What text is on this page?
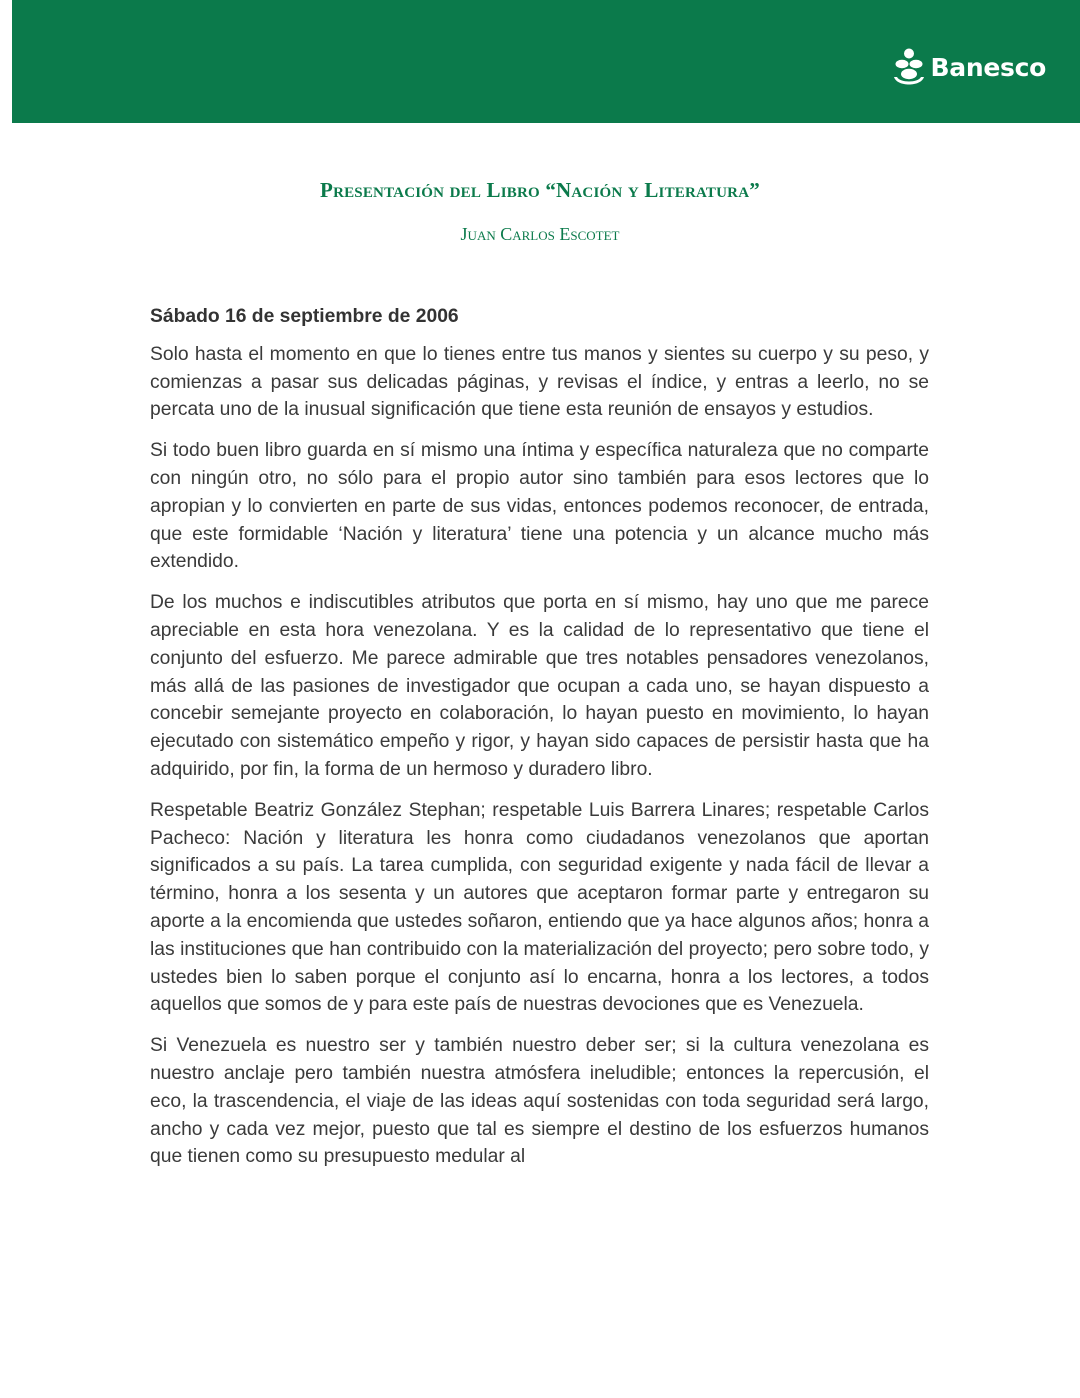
Banesco
Presentación del Libro “Nación y Literatura”

Juan Carlos Escotet

Sábado 16 de septiembre de 2006

Solo hasta el momento en que lo tienes entre tus manos y sientes su cuerpo y su peso, y comienzas a pasar sus delicadas páginas, y revisas el índice, y entras a leerlo, no se percata uno de la inusual significación que tiene esta reunión de ensayos y estudios.

Si todo buen libro guarda en sí mismo una íntima y específica naturaleza que no comparte con ningún otro, no sólo para el propio autor sino también para esos lectores que lo apropian y lo convierten en parte de sus vidas, entonces podemos reconocer, de entrada, que este formidable ‘Nación y literatura’ tiene una potencia y un alcance mucho más extendido.

De los muchos e indiscutibles atributos que porta en sí mismo, hay uno que me parece apreciable en esta hora venezolana. Y es la calidad de lo representativo que tiene el conjunto del esfuerzo. Me parece admirable que tres notables pensadores venezolanos, más allá de las pasiones de investigador que ocupan a cada uno, se hayan dispuesto a concebir semejante proyecto en colaboración, lo hayan puesto en movimiento, lo hayan ejecutado con sistemático empeño y rigor, y hayan sido capaces de persistir hasta que ha adquirido, por fin, la forma de un hermoso y duradero libro.

Respetable Beatriz González Stephan; respetable Luis Barrera Linares; respetable Carlos Pacheco: Nación y literatura les honra como ciudadanos venezolanos que aportan significados a su país. La tarea cumplida, con seguridad exigente y nada fácil de llevar a término, honra a los sesenta y un autores que aceptaron formar parte y entregaron su aporte a la encomienda que ustedes soñaron, entiendo que ya hace algunos años; honra a las instituciones que han contribuido con la materialización del proyecto; pero sobre todo, y ustedes bien lo saben porque el conjunto así lo encarna, honra a los lectores, a todos aquellos que somos de y para este país de nuestras devociones que es Venezuela.

Si Venezuela es nuestro ser y también nuestro deber ser; si la cultura venezolana es nuestro anclaje pero también nuestra atmósfera ineludible; entonces la repercusión, el eco, la trascendencia, el viaje de las ideas aquí sostenidas con toda seguridad será largo, ancho y cada vez mejor, puesto que tal es siempre el destino de los esfuerzos humanos que tienen como su presupuesto medular al
